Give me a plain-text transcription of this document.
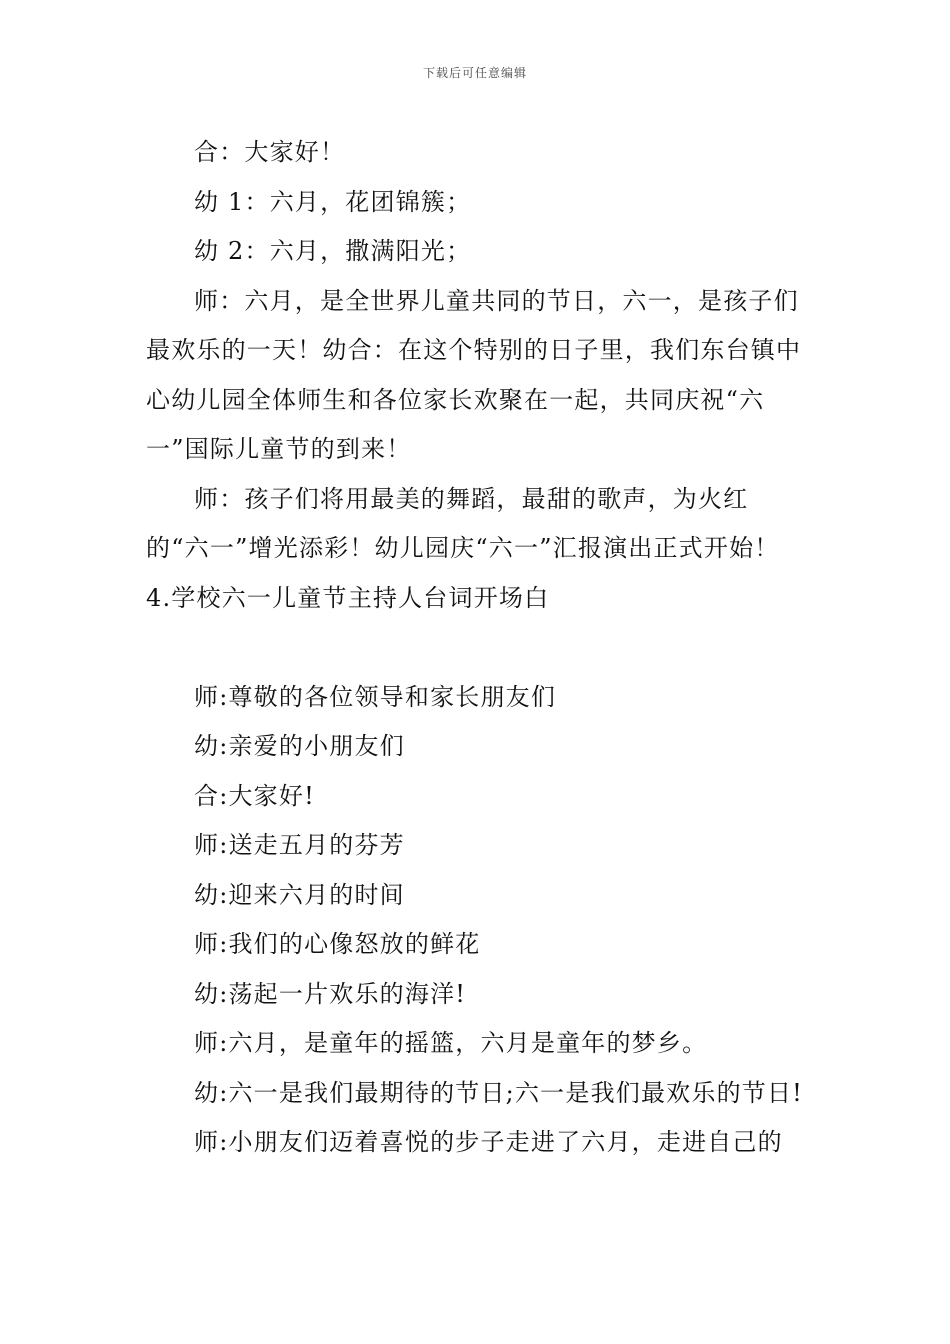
下载后可任意编辑

合：大家好！

幼 1：六月，花团锦簇；

幼 2：六月，撒满阳光；

师：六月，是全世界儿童共同的节日，六一，是孩子们最欢乐的一天！幼合：在这个特别的日子里，我们东台镇中心幼儿园全体师生和各位家长欢聚在一起，共同庆祝“六一”国际儿童节的到来！

师：孩子们将用最美的舞蹈，最甜的歌声，为火红的“六一”增光添彩！幼儿园庆“六一”汇报演出正式开始！

4.学校六一儿童节主持人台词开场白

师:尊敬的各位领导和家长朋友们

幼:亲爱的小朋友们

合:大家好!

师:送走五月的芬芳

幼:迎来六月的时间

师:我们的心像怒放的鲜花

幼:荡起一片欢乐的海洋!

师:六月，是童年的摇篮，六月是童年的梦乡。

幼:六一是我们最期待的节日;六一是我们最欢乐的节日!

师:小朋友们迈着喜悦的步子走进了六月，走进自己的
